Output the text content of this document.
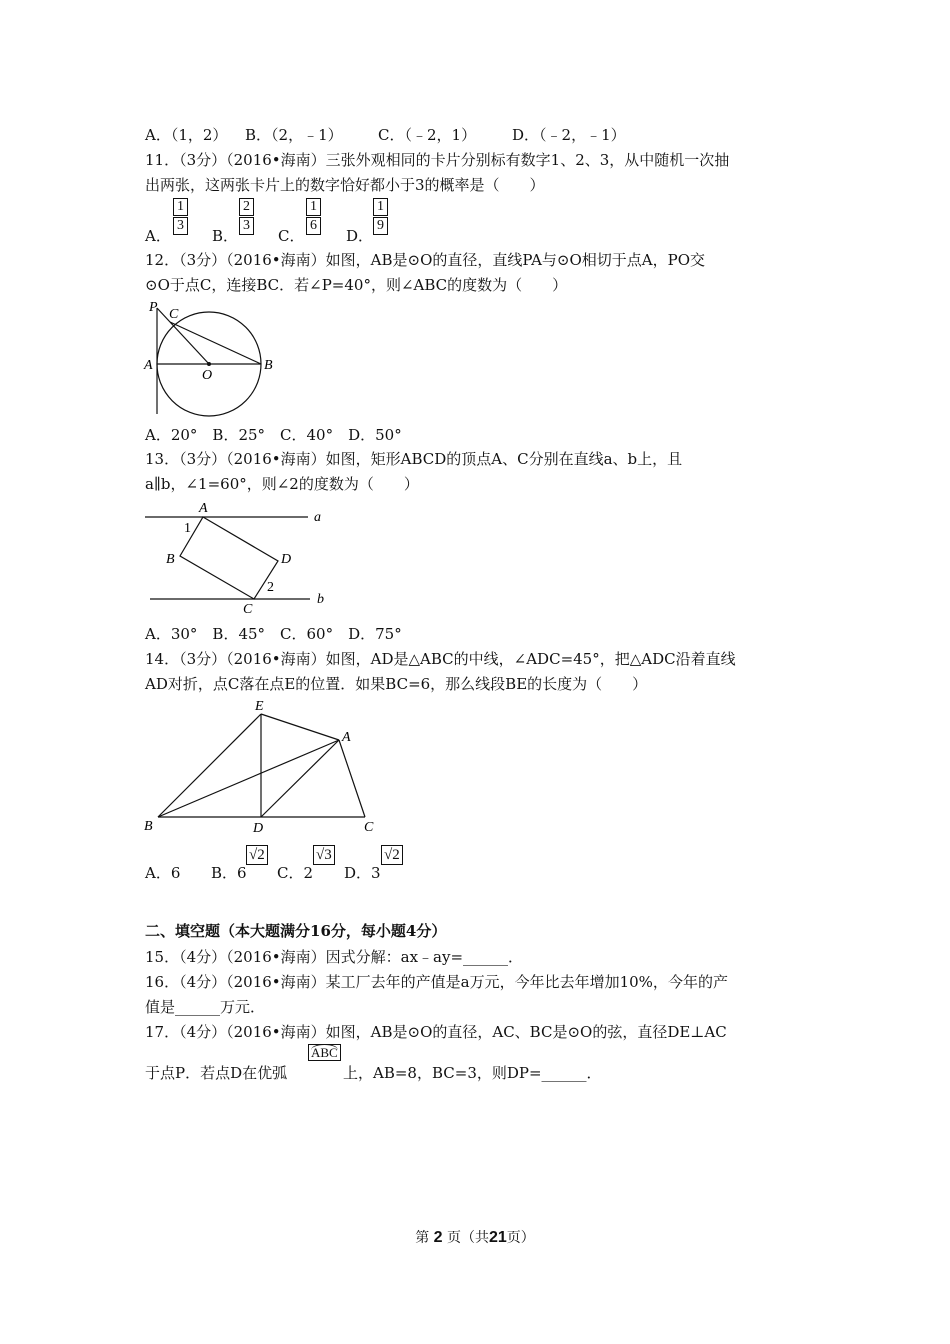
A．（1，2） B．（2，﹣1） C．（﹣2，1） D．（﹣2，﹣1）
11．（3分）（2016•海南）三张外观相同的卡片分别标有数字1、2、3，从中随机一次抽
出两张，这两张卡片上的数字恰好都小于3的概率是（　　）
A． $\frac{1}{3}$ B． $\frac{2}{3}$ C． $\frac{1}{6}$ D． $\frac{1}{9}$
12．（3分）（2016•海南）如图，AB是⊙O的直径，直线PA与⊙O相切于点A，PO交
⊙O于点C，连接BC．若∠P=40°，则∠ABC的度数为（　　）
P C
A
O
B
A．20°　B．25°　C．40°　D．50°
13．（3分）（2016•海南）如图，矩形ABCD的顶点A、C分别在直线a、b上，且
a∥b，∠1=60°，则∠2的度数为（　　）
A
1
B	D
2
C
a
b
A．30°　B．45°　C．60°　D．75°
14．（3分）（2016•海南）如图，AD是△ABC的中线，∠ADC=45°，把△ADC沿着直线
AD对折，点C落在点E的位置．如果BC=6，那么线段BE的长度为（　　）
E
A
B	D	C
A．6 B．6
√2
C．2
√3
D．3
√2
二、填空题（本大题满分16分，每小题4分）
15．（4分）（2016•海南）因式分解：ax﹣ay=______．
16．（4分）（2016•海南）某工厂去年的产值是a万元，今年比去年增加10%，今年的产
值是______万元．
17．（4分）（2016•海南）如图，AB是⊙O的直径，AC、BC是⊙O的弦，直径DE⊥AC
于点P．若点D在优弧
ABC
上，AB=8，BC=3，则DP=______．
第 2 页（共21页）
